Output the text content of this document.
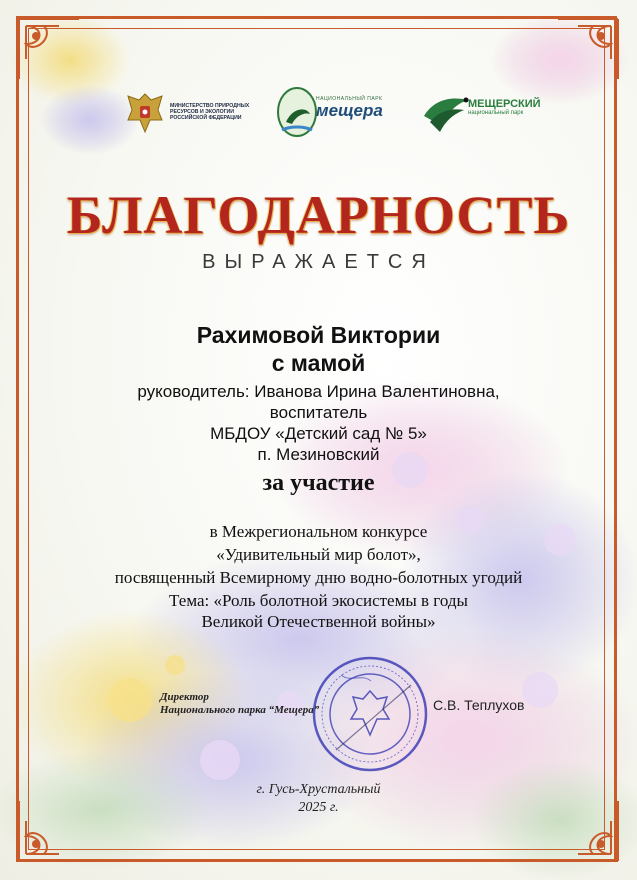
МИНИСТЕРСТВО ПРИРОДНЫХ
РЕСУРСОВ И ЭКОЛОГИИ
РОССИЙСКОЙ ФЕДЕРАЦИИ
НАЦИОНАЛЬНЫЙ ПАРК
мещера	МЕЩЕРСКИЙ
национальный парк
БЛАГОДАРНОСТЬ
ВЫРАЖАЕТСЯ
Рахимовой Виктории
с мамой
руководитель: Иванова Ирина Валентиновна,
воспитатель
МБДОУ «Детский сад № 5»
п. Мезиновский
за участие
в Межрегиональном конкурсе
«Удивительный мир болот»,
посвященный Всемирному дню водно-болотных угодий
Тема: «Роль болотной экосистемы в годы
Великой Отечественной войны»
Директор
Национального парка “Мещера”	С.В. Теплухов
г. Гусь-Хрустальный
2025 г.
